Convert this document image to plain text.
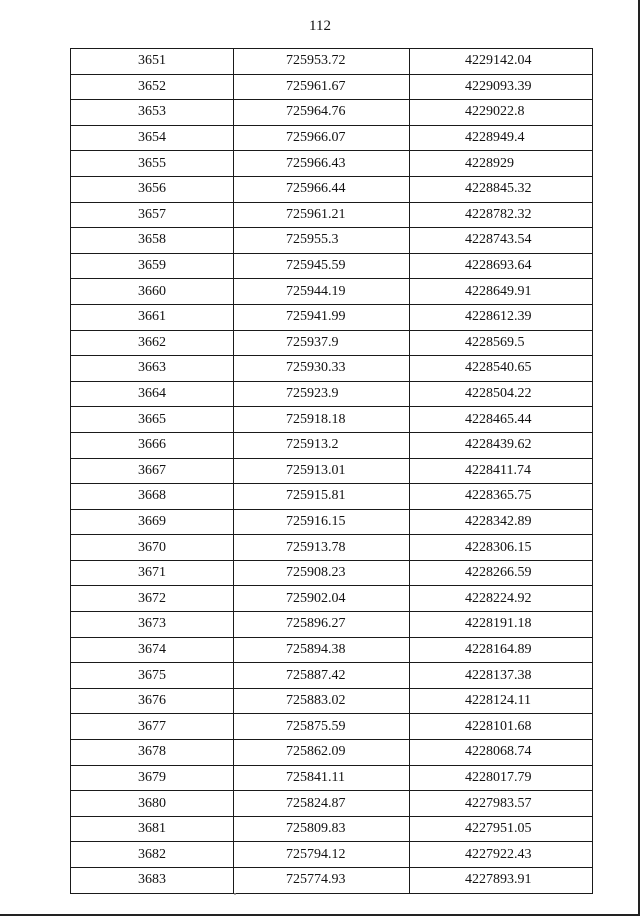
112
3651	725953.72	4229142.04
3652	725961.67	4229093.39
3653	725964.76	4229022.8
3654	725966.07	4228949.4
3655	725966.43	4228929
3656	725966.44	4228845.32
3657	725961.21	4228782.32
3658	725955.3	4228743.54
3659	725945.59	4228693.64
3660	725944.19	4228649.91
3661	725941.99	4228612.39
3662	725937.9	4228569.5
3663	725930.33	4228540.65
3664	725923.9	4228504.22
3665	725918.18	4228465.44
3666	725913.2	4228439.62
3667	725913.01	4228411.74
3668	725915.81	4228365.75
3669	725916.15	4228342.89
3670	725913.78	4228306.15
3671	725908.23	4228266.59
3672	725902.04	4228224.92
3673	725896.27	4228191.18
3674	725894.38	4228164.89
3675	725887.42	4228137.38
3676	725883.02	4228124.11
3677	725875.59	4228101.68
3678	725862.09	4228068.74
3679	725841.11	4228017.79
3680	725824.87	4227983.57
3681	725809.83	4227951.05
3682	725794.12	4227922.43
3683	725774.93	4227893.91
